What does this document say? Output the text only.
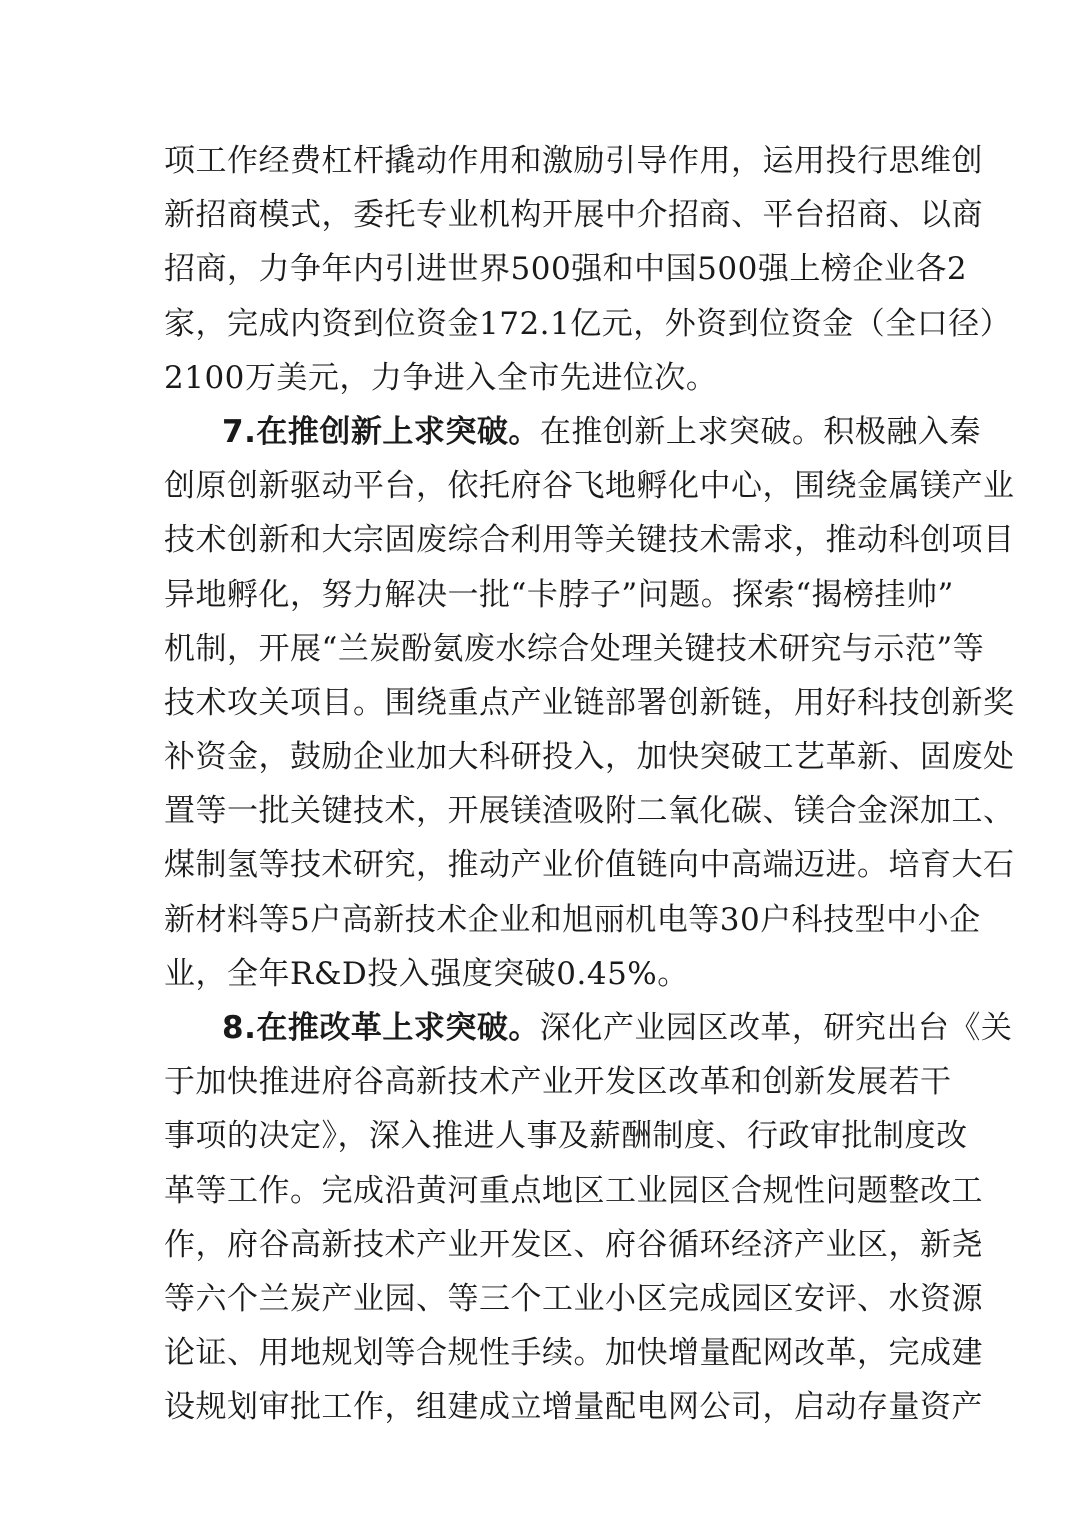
项工作经费杠杆撬动作用和激励引导作用，运用投行思维创
新招商模式，委托专业机构开展中介招商、平台招商、以商
招商，力争年内引进世界500强和中国500强上榜企业各2
家，完成内资到位资金172.1亿元，外资到位资金（全口径）
2100万美元，力争进入全市先进位次。
7.在推创新上求突破。在推创新上求突破。积极融入秦
创原创新驱动平台，依托府谷飞地孵化中心，围绕金属镁产业
技术创新和大宗固废综合利用等关键技术需求，推动科创项目
异地孵化，努力解决一批“卡脖子”问题。探索“揭榜挂帅”
机制，开展“兰炭酚氨废水综合处理关键技术研究与示范”等
技术攻关项目。围绕重点产业链部署创新链，用好科技创新奖
补资金，鼓励企业加大科研投入，加快突破工艺革新、固废处
置等一批关键技术，开展镁渣吸附二氧化碳、镁合金深加工、
煤制氢等技术研究，推动产业价值链向中高端迈进。培育大石
新材料等5户高新技术企业和旭丽机电等30户科技型中小企
业，全年R&D投入强度突破0.45%。
8.在推改革上求突破。深化产业园区改革，研究出台《关
于加快推进府谷高新技术产业开发区改革和创新发展若干
事项的决定》，深入推进人事及薪酬制度、行政审批制度改
革等工作。完成沿黄河重点地区工业园区合规性问题整改工
作，府谷高新技术产业开发区、府谷循环经济产业区，新尧
等六个兰炭产业园、等三个工业小区完成园区安评、水资源
论证、用地规划等合规性手续。加快增量配网改革，完成建
设规划审批工作，组建成立增量配电网公司，启动存量资产
